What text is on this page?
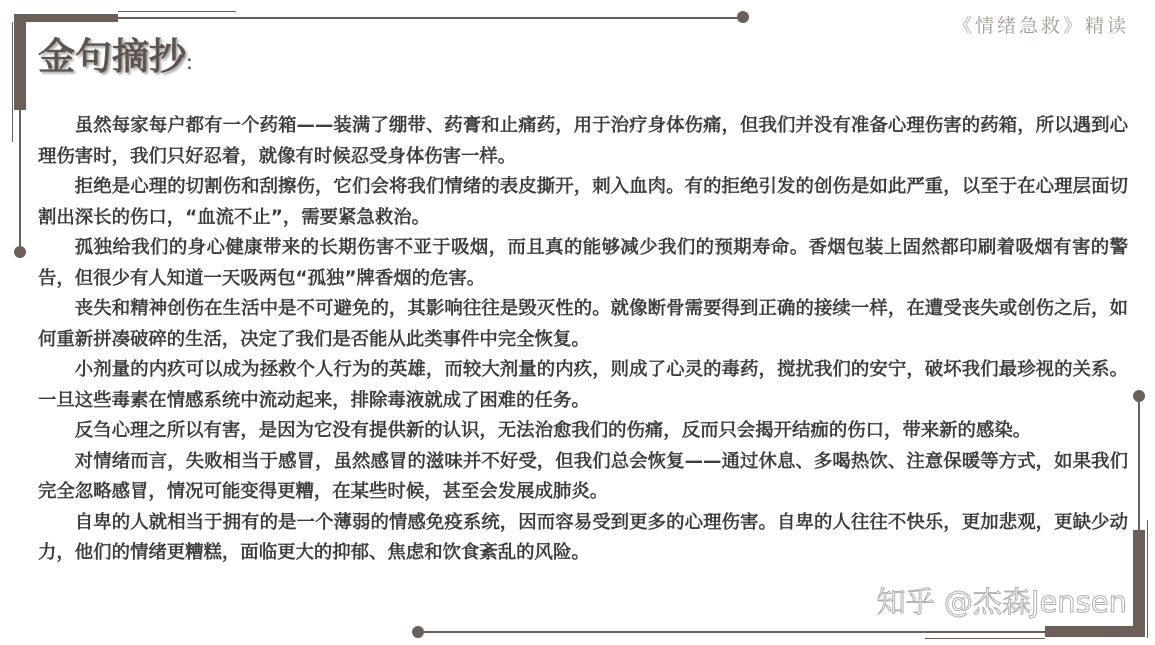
《情绪急救》精读
金句摘抄:

虽然每家每户都有一个药箱——装满了绷带、药膏和止痛药，用于治疗身体伤痛，但我们并没有准备心理伤害的药箱，所以遇到心理伤害时，我们只好忍着，就像有时候忍受身体伤害一样。

拒绝是心理的切割伤和刮擦伤，它们会将我们情绪的表皮撕开，刺入血肉。有的拒绝引发的创伤是如此严重，以至于在心理层面切割出深长的伤口，“血流不止”，需要紧急救治。

孤独给我们的身心健康带来的长期伤害不亚于吸烟，而且真的能够减少我们的预期寿命。香烟包装上固然都印刷着吸烟有害的警告，但很少有人知道一天吸两包“孤独”牌香烟的危害。

丧失和精神创伤在生活中是不可避免的，其影响往往是毁灭性的。就像断骨需要得到正确的接续一样，在遭受丧失或创伤之后，如何重新拼凑破碎的生活，决定了我们是否能从此类事件中完全恢复。

小剂量的内疚可以成为拯救个人行为的英雄，而较大剂量的内疚，则成了心灵的毒药，搅扰我们的安宁，破坏我们最珍视的关系。一旦这些毒素在情感系统中流动起来，排除毒液就成了困难的任务。

反刍心理之所以有害，是因为它没有提供新的认识，无法治愈我们的伤痛，反而只会揭开结痂的伤口，带来新的感染。

对情绪而言，失败相当于感冒，虽然感冒的滋味并不好受，但我们总会恢复——通过休息、多喝热饮、注意保暖等方式，如果我们完全忽略感冒，情况可能变得更糟，在某些时候，甚至会发展成肺炎。

自卑的人就相当于拥有的是一个薄弱的情感免疫系统，因而容易受到更多的心理伤害。自卑的人往往不快乐，更加悲观，更缺少动力，他们的情绪更糟糕，面临更大的抑郁、焦虑和饮食紊乱的风险。

知乎 @杰森Jensen
